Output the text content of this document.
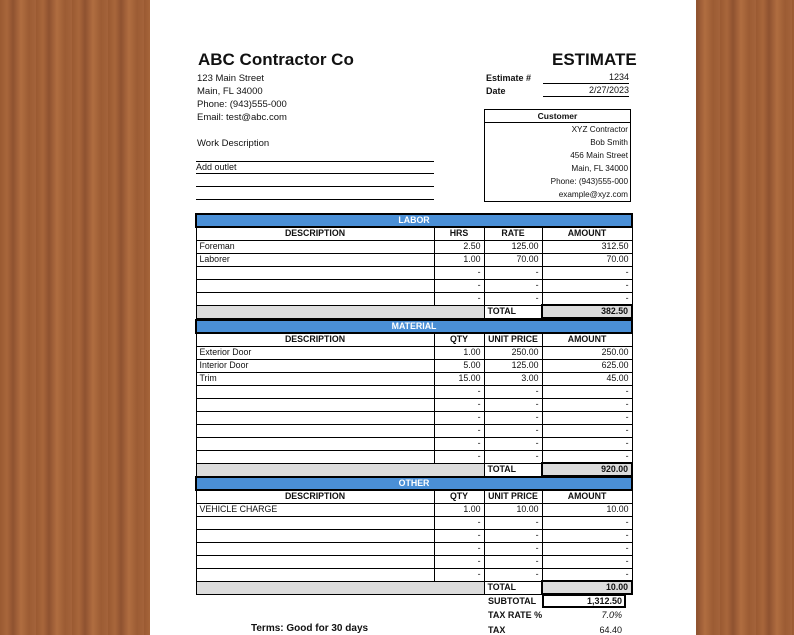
ABC Contractor Co	ESTIMATE
123 Main Street
Main, FL 34000
Phone: (943)555-000
Email: test@abc.com
Estimate #	1234
Date	2/27/2023
Work Description
Add outlet
Customer
XYZ Contractor
Bob Smith
456 Main Street
Main, FL 34000
Phone: (943)555-000
example@xyz.com
LABOR			
DESCRIPTION	HRS	RATE	AMOUNT
Foreman	2.50	125.00	312.50
Laborer	1.00	70.00	70.00
	-	-	-
	-	-	-
	-	-	-
		TOTAL	382.50
MATERIAL			
DESCRIPTION	QTY	UNIT PRICE	AMOUNT
Exterior Door	1.00	250.00	250.00
Interior Door	5.00	125.00	625.00
Trim	15.00	3.00	45.00
	-	-	-
	-	-	-
	-	-	-
	-	-	-
	-	-	-
	-	-	-
		TOTAL	920.00
OTHER			
DESCRIPTION	QTY	UNIT PRICE	AMOUNT
VEHICLE CHARGE	1.00	10.00	10.00
	-	-	-
	-	-	-
	-	-	-
	-	-	-
	-	-	-
		TOTAL	10.00
SUBTOTAL	1,312.50
TAX RATE %	7.0%
TAX	64.40
Terms: Good for 30 days
